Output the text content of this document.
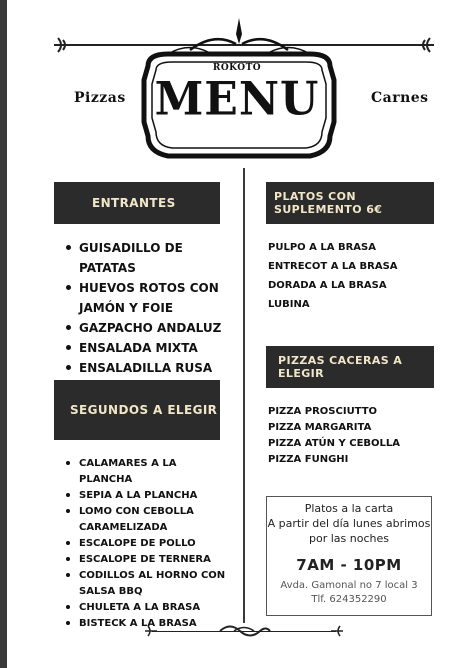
Pizzas	Carnes
ROKOTO
MENU
ENTRANTES
GUISADILLO DE PATATAS
HUEVOS ROTOS CON JAMÓN Y FOIE
GAZPACHO ANDALUZ
ENSALADA MIXTA
ENSALADILLA RUSA
SEGUNDOS A ELEGIR
CALAMARES A LA PLANCHA
SEPIA A LA PLANCHA
LOMO CON CEBOLLA CARAMELIZADA
ESCALOPE DE POLLO
ESCALOPE DE TERNERA
CODILLOS AL HORNO CON SALSA BBQ
CHULETA A LA BRASA
BISTECK A LA BRASA
PLATOS CON SUPLEMENTO 6€
PULPO A LA BRASA
ENTRECOT A LA BRASA
DORADA A LA BRASA
LUBINA
PIZZAS CACERAS A ELEGIR
PIZZA PROSCIUTTO
PIZZA MARGARITA
PIZZA ATÚN Y CEBOLLA
PIZZA FUNGHI
Platos a la carta
A partir del día lunes abrimos
por las noches
7AM - 10PM
Avda. Gamonal no 7 local 3
Tlf. 624352290
